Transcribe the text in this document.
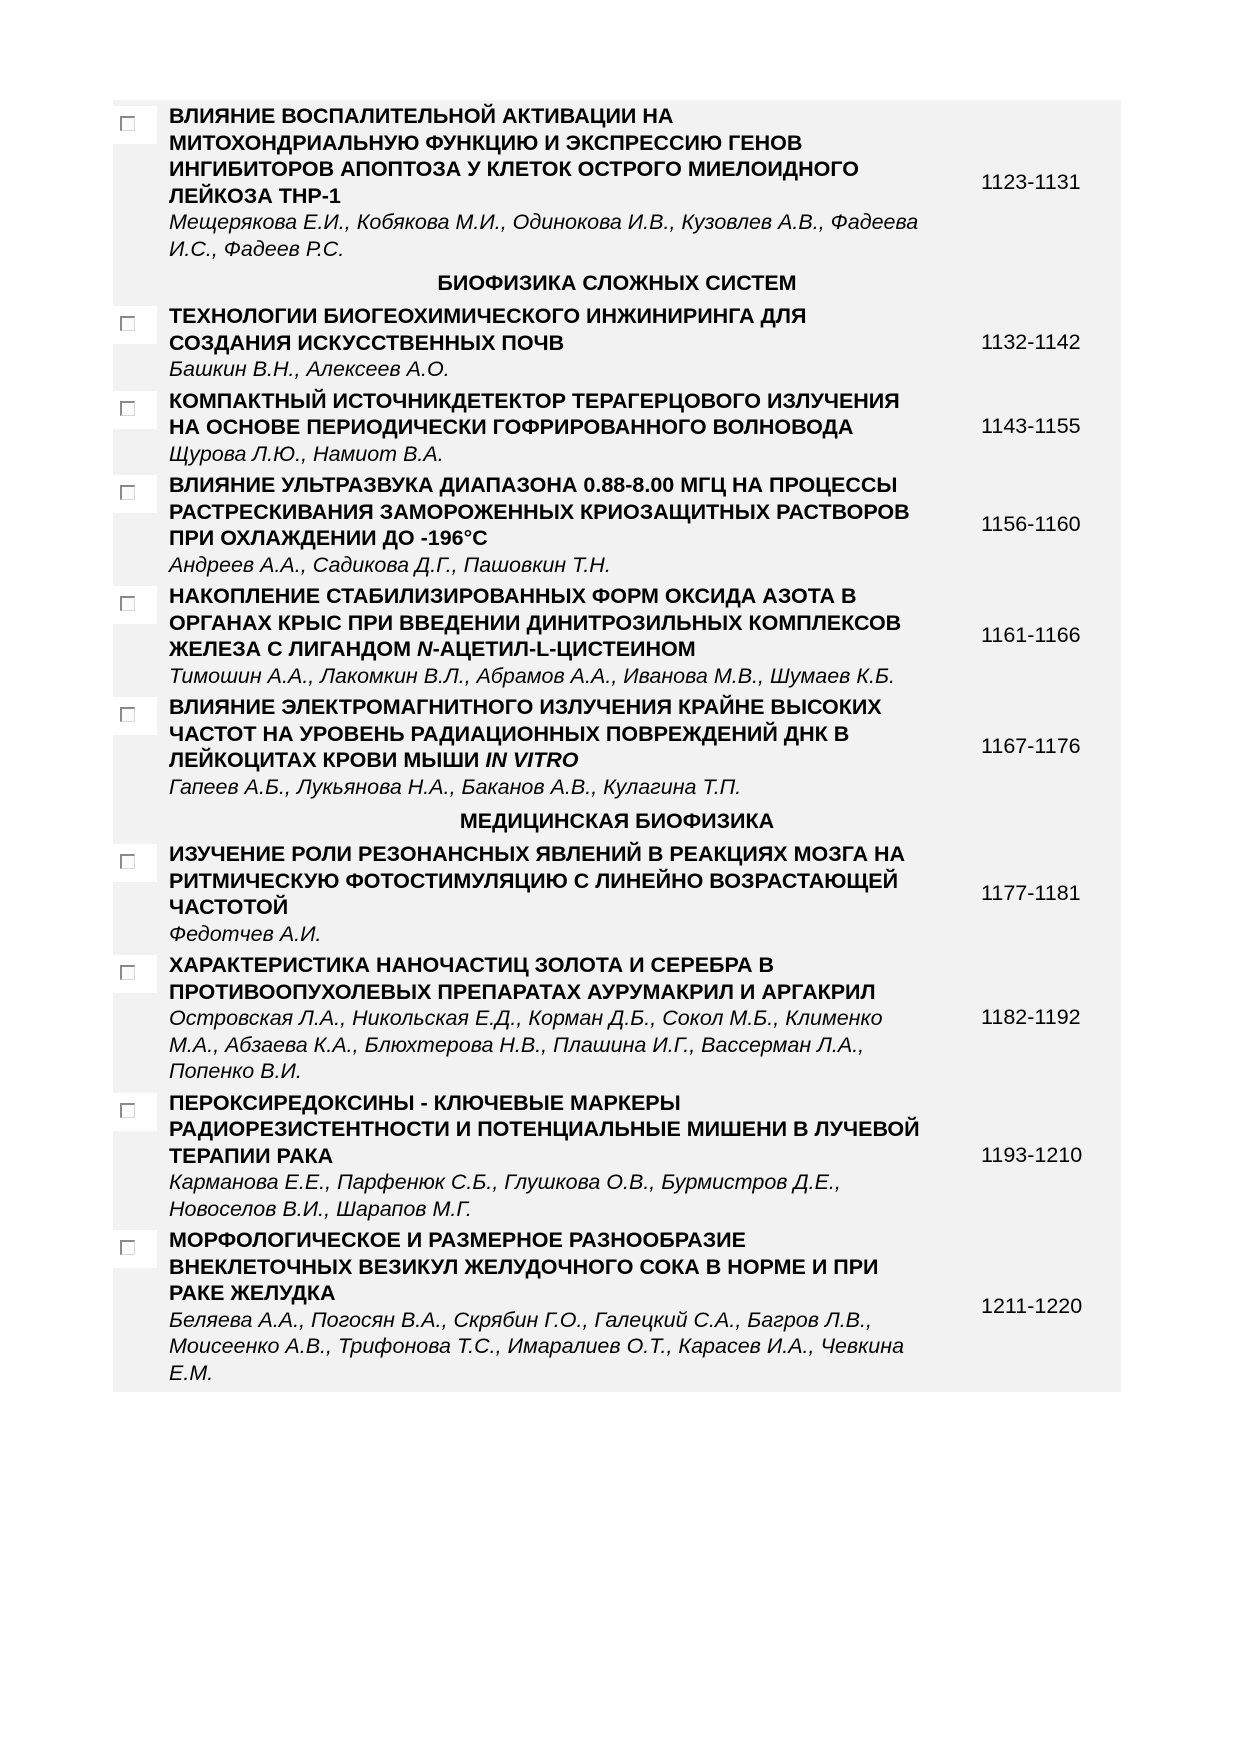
ВЛИЯНИЕ ВОСПАЛИТЕЛЬНОЙ АКТИВАЦИИ НА МИТОХОНДРИАЛЬНУЮ ФУНКЦИЮ И ЭКСПРЕССИЮ ГЕНОВ ИНГИБИТОРОВ АПОПТОЗА У КЛЕТОК ОСТРОГО МИЕЛОИДНОГО ЛЕЙКОЗА THP-1

Мещерякова Е.И., Кобякова М.И., Одинокова И.В., Кузовлев А.В., Фадеева И.С., Фадеев Р.С.

1123-1131
БИОФИЗИКА СЛОЖНЫХ СИСТЕМ

ТЕХНОЛОГИИ БИОГЕОХИМИЧЕСКОГО ИНЖИНИРИНГА ДЛЯ СОЗДАНИЯ ИСКУССТВЕННЫХ ПОЧВ

Башкин В.Н., Алексеев А.О.

1132-1142

КОМПАКТНЫЙ ИСТОЧНИКДЕТЕКТОР ТЕРАГЕРЦОВОГО ИЗЛУЧЕНИЯ НА ОСНОВЕ ПЕРИОДИЧЕСКИ ГОФРИРОВАННОГО ВОЛНОВОДА

Щурова Л.Ю., Намиот В.А.

1143-1155

ВЛИЯНИЕ УЛЬТРАЗВУКА ДИАПАЗОНА 0.88-8.00 МГЦ НА ПРОЦЕССЫ РАСТРЕСКИВАНИЯ ЗАМОРОЖЕННЫХ КРИОЗАЩИТНЫХ РАСТВОРОВ ПРИ ОХЛАЖДЕНИИ ДО -196°C

Андреев А.А., Садикова Д.Г., Пашовкин Т.Н.

1156-1160

НАКОПЛЕНИЕ СТАБИЛИЗИРОВАННЫХ ФОРМ ОКСИДА АЗОТА В ОРГАНАХ КРЫС ПРИ ВВЕДЕНИИ ДИНИТРОЗИЛЬНЫХ КОМПЛЕКСОВ ЖЕЛЕЗА С ЛИГАНДОМ N-АЦЕТИЛ-L-ЦИСТЕИНОМ

Тимошин А.А., Лакомкин В.Л., Абрамов А.А., Иванова М.В., Шумаев К.Б.

1161-1166

ВЛИЯНИЕ ЭЛЕКТРОМАГНИТНОГО ИЗЛУЧЕНИЯ КРАЙНЕ ВЫСОКИХ ЧАСТОТ НА УРОВЕНЬ РАДИАЦИОННЫХ ПОВРЕЖДЕНИЙ ДНК В ЛЕЙКОЦИТАХ КРОВИ МЫШИ IN VITRO

Гапеев А.Б., Лукьянова Н.А., Баканов А.В., Кулагина Т.П.

1167-1176
МЕДИЦИНСКАЯ БИОФИЗИКА

ИЗУЧЕНИЕ РОЛИ РЕЗОНАНСНЫХ ЯВЛЕНИЙ В РЕАКЦИЯХ МОЗГА НА РИТМИЧЕСКУЮ ФОТОСТИМУЛЯЦИЮ С ЛИНЕЙНО ВОЗРАСТАЮЩЕЙ ЧАСТОТОЙ

Федотчев А.И.

1177-1181

ХАРАКТЕРИСТИКА НАНОЧАСТИЦ ЗОЛОТА И СЕРЕБРА В ПРОТИВООПУХОЛЕВЫХ ПРЕПАРАТАХ АУРУМАКРИЛ И АРГАКРИЛ

Островская Л.А., Никольская Е.Д., Корман Д.Б., Сокол М.Б., Клименко М.А., Абзаева К.А., Блюхтерова Н.В., Плашина И.Г., Вассерман Л.А., Попенко В.И.

1182-1192

ПЕРОКСИРЕДОКСИНЫ - КЛЮЧЕВЫЕ МАРКЕРЫ РАДИОРЕЗИСТЕНТНОСТИ И ПОТЕНЦИАЛЬНЫЕ МИШЕНИ В ЛУЧЕВОЙ ТЕРАПИИ РАКА

Карманова Е.Е., Парфенюк С.Б., Глушкова О.В., Бурмистров Д.Е., Новоселов В.И., Шарапов М.Г.

1193-1210

МОРФОЛОГИЧЕСКОЕ И РАЗМЕРНОЕ РАЗНООБРАЗИЕ ВНЕКЛЕТОЧНЫХ ВЕЗИКУЛ ЖЕЛУДОЧНОГО СОКА В НОРМЕ И ПРИ РАКЕ ЖЕЛУДКА

Беляева А.А., Погосян В.А., Скрябин Г.О., Галецкий С.А., Багров Л.В., Моисеенко А.В., Трифонова Т.С., Имаралиев О.Т., Карасев И.А., Чевкина Е.М.

1211-1220
